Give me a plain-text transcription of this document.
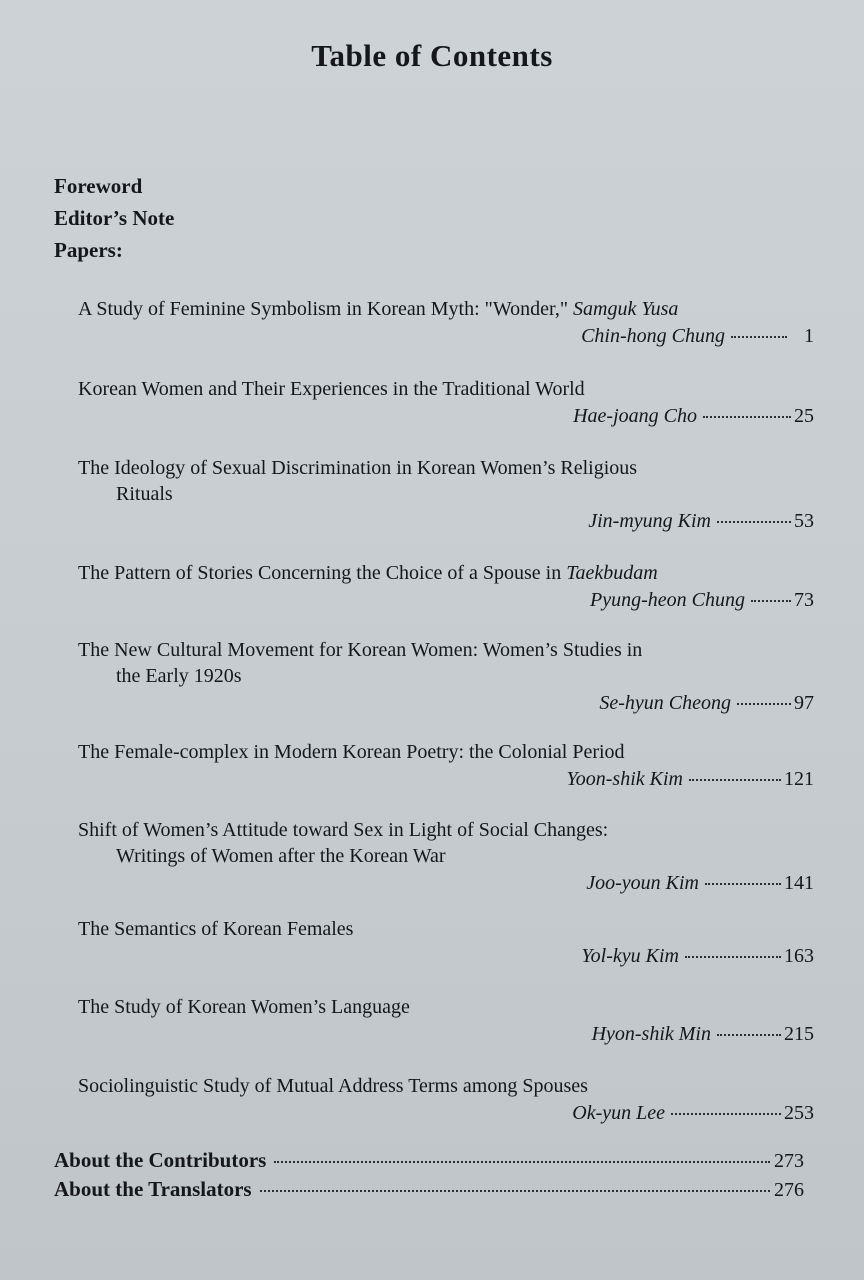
Table of Contents
Foreword
Editor’s Note
Papers:
A Study of Feminine Symbolism in Korean Myth: "Wonder," Samguk Yusa
Chin-hong Chung	1
Korean Women and Their Experiences in the Traditional World
Hae-joang Cho	25
The Ideology of Sexual Discrimination in Korean Women’s Religious
Rituals
Jin-myung Kim	53
The Pattern of Stories Concerning the Choice of a Spouse in Taekbudam
Pyung-heon Chung 73
The New Cultural Movement for Korean Women: Women’s Studies in
the Early 1920s
Se-hyun Cheong	97
The Female-complex in Modern Korean Poetry: the Colonial Period
Yoon-shik Kim	121
Shift of Women’s Attitude toward Sex in Light of Social Changes:
Writings of Women after the Korean War
Joo-youn Kim	141
The Semantics of Korean Females
Yol-kyu Kim	163
The Study of Korean Women’s Language
Hyon-shik Min	215
Sociolinguistic Study of Mutual Address Terms among Spouses
Ok-yun Lee	253
About the Contributors	273
About the Translators	276
